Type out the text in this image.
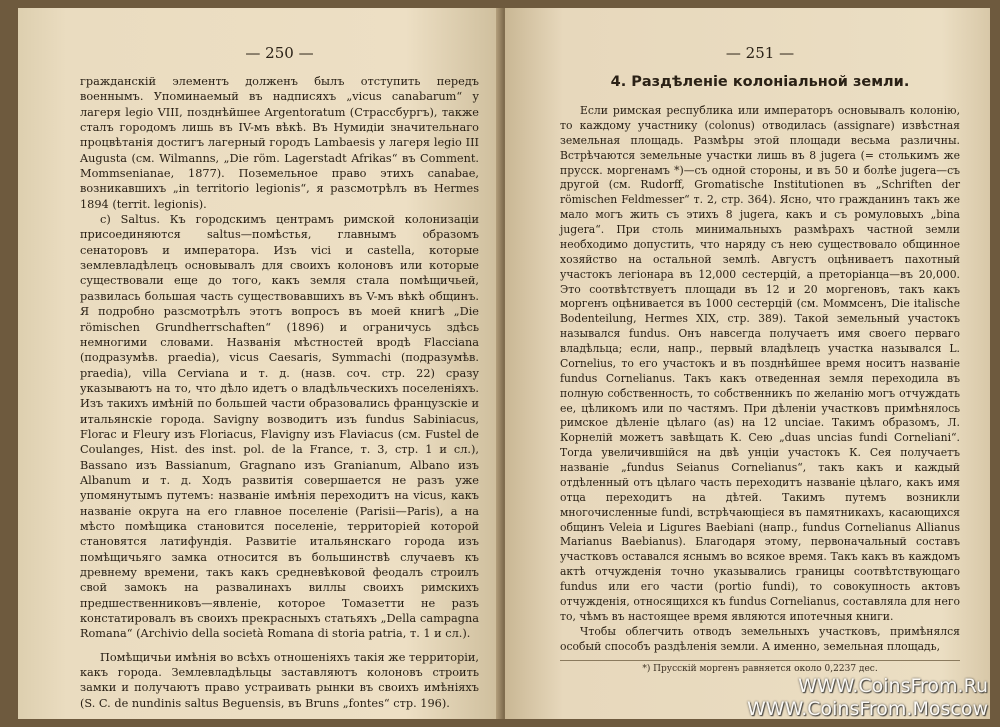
— 250 —

гражданскій элементъ долженъ былъ отступить передъ военнымъ. Упоминаемый въ надписяхъ „vicus canabarum“ у лагеря legio VIII, позднѣйшее Argentoratum (Страссбургъ), также сталъ городомъ лишь въ IV-мъ вѣкѣ. Въ Нумидіи значительнаго процвѣтанія достигъ лагерный городъ Lambaesis у лагеря legio III Augusta (см. Wilmanns, „Die röm. Lagerstadt Afrikas“ въ Comment. Mommsenianae, 1877). Поземельное право этихъ canabae, возникавшихъ „in territorio legionis“, я разсмотрѣлъ въ Hermes 1894 (territ. legionis).

c) Saltus. Къ городскимъ центрамъ римской колонизаціи присоединяются saltus—помѣстья, главнымъ образомъ сенаторовъ и императора. Изъ vici и castella, которые землевладѣлецъ основывалъ для своихъ колоновъ или которые существовали еще до того, какъ земля стала помѣщичьей, развилась большая часть существовавшихъ въ V-мъ вѣкѣ общинъ. Я подробно разсмотрѣлъ этотъ вопросъ въ моей книгѣ „Die römischen Grundherrschaften“ (1896) и ограничусь здѣсь немногими словами. Названія мѣстностей вродѣ Flacciana (подразумѣв. praedia), vicus Caesaris, Symmachi (подразумѣв. praedia), villa Cerviana и т. д. (назв. соч. стр. 22) сразу указываютъ на то, что дѣло идетъ о владѣльческихъ поселеніяхъ. Изъ такихъ имѣній по большей части образовались французскіе и итальянскіе города. Savigny возводитъ изъ fundus Sabiniacus, Florac и Fleury изъ Floriacus, Flavigny изъ Flaviacus (см. Fustel de Coulanges, Hist. des inst. pol. de la France, т. 3, стр. 1 и сл.), Bassano изъ Bassianum, Gragnano изъ Granianum, Albano изъ Albanum и т. д. Ходъ развитія совершается не разъ уже упомянутымъ путемъ: названіе имѣнія переходитъ на vicus, какъ названіе округа на его главное поселеніе (Parisii—Paris), а на мѣсто помѣщика становится поселеніе, территоріей которой становятся латифундія. Развитіе итальянскаго города изъ помѣщичьяго замка относится въ большинствѣ случаевъ къ древнему времени, такъ какъ средневѣковой феодалъ строилъ свой замокъ на развалинахъ виллы своихъ римскихъ предшественниковъ—явленіе, которое Томазетти не разъ констатировалъ въ своихъ прекрасныхъ статьяхъ „Della campagna Romana“ (Archivio della società Romana di storia patria, т. 1 и сл.).

Помѣщичьи имѣнія во всѣхъ отношеніяхъ такія же территоріи, какъ города. Землевладѣльцы заставляютъ колоновъ строить замки и получаютъ право устраивать рынки въ своихъ имѣніяхъ (S. C. de nundinis saltus Beguensis, въ Bruns „fontes“ стр. 196).

— 251 —
4. Раздѣленіе колоніальной земли.

Если римская республика или императоръ основывалъ колонію, то каждому участнику (colonus) отводилась (assignare) извѣстная земельная площадь. Размѣры этой площади весьма различны. Встрѣчаются земельные участки лишь въ 8 jugera (= столькимъ же прусск. моргенамъ *)—съ одной стороны, и въ 50 и болѣе jugera—съ другой (см. Rudorff, Gromatische Institutionen въ „Schriften der römischen Feldmesser“ т. 2, стр. 364). Ясно, что гражданинъ такъ же мало могъ жить съ этихъ 8 jugera, какъ и съ ромуловыхъ „bina jugera“. При столь минимальныхъ размѣрахъ частной земли необходимо допустить, что наряду съ нею существовало общинное хозяйство на остальной землѣ. Августъ оцѣниваетъ пахотный участокъ легіонара въ 12,000 сестерцій, а преторіанца—въ 20,000. Это соотвѣтствуетъ площади въ 12 и 20 моргеновъ, такъ какъ моргенъ оцѣнивается въ 1000 сестерцій (см. Моммсенъ, Die italische Bodenteilung, Hermes XIX, стр. 389). Такой земельный участокъ назывался fundus. Онъ навсегда получаетъ имя своего перваго владѣльца; если, напр., первый владѣлецъ участка назывался L. Cornelius, то его участокъ и въ позднѣйшее время носитъ названіе fundus Cornelianus. Такъ какъ отведенная земля переходила въ полную собственность, то собственникъ по желанію могъ отчуждать ее, цѣликомъ или по частямъ. При дѣленіи участковъ примѣнялось римское дѣленіе цѣлаго (as) на 12 unciae. Такимъ образомъ, Л. Корнелій можетъ завѣщать К. Сею „duas uncias fundi Corneliani“. Тогда увеличившійся на двѣ унціи участокъ К. Сея получаетъ названіе „fundus Seianus Cornelianus“, такъ какъ и каждый отдѣленный отъ цѣлаго часть переходитъ названіе цѣлаго, какъ имя отца переходитъ на дѣтей. Такимъ путемъ возникли многочисленные fundi, встрѣчающіеся въ памятникахъ, касающихся общинъ Veleia и Ligures Baebiani (напр., fundus Cornelianus Allianus Marianus Baebianus). Благодаря этому, первоначальный составъ участковъ оставался яснымъ во всякое время. Такъ какъ въ каждомъ актѣ отчужденія точно указывались границы соотвѣтствующаго fundus или его части (portio fundi), то совокупность актовъ отчужденія, относящихся къ fundus Cornelianus, составляла для него то, чѣмъ въ настоящее время являются ипотечныя книги.

Чтобы облегчить отводъ земельныхъ участковъ, примѣнялся особый способъ раздѣленія земли. А именно, земельная площадь,

*) Прусскій моргенъ равняется около 0,2237 дес.
WWW.CoinsFrom.Ru
WWW.CoinsFrom.Moscow
